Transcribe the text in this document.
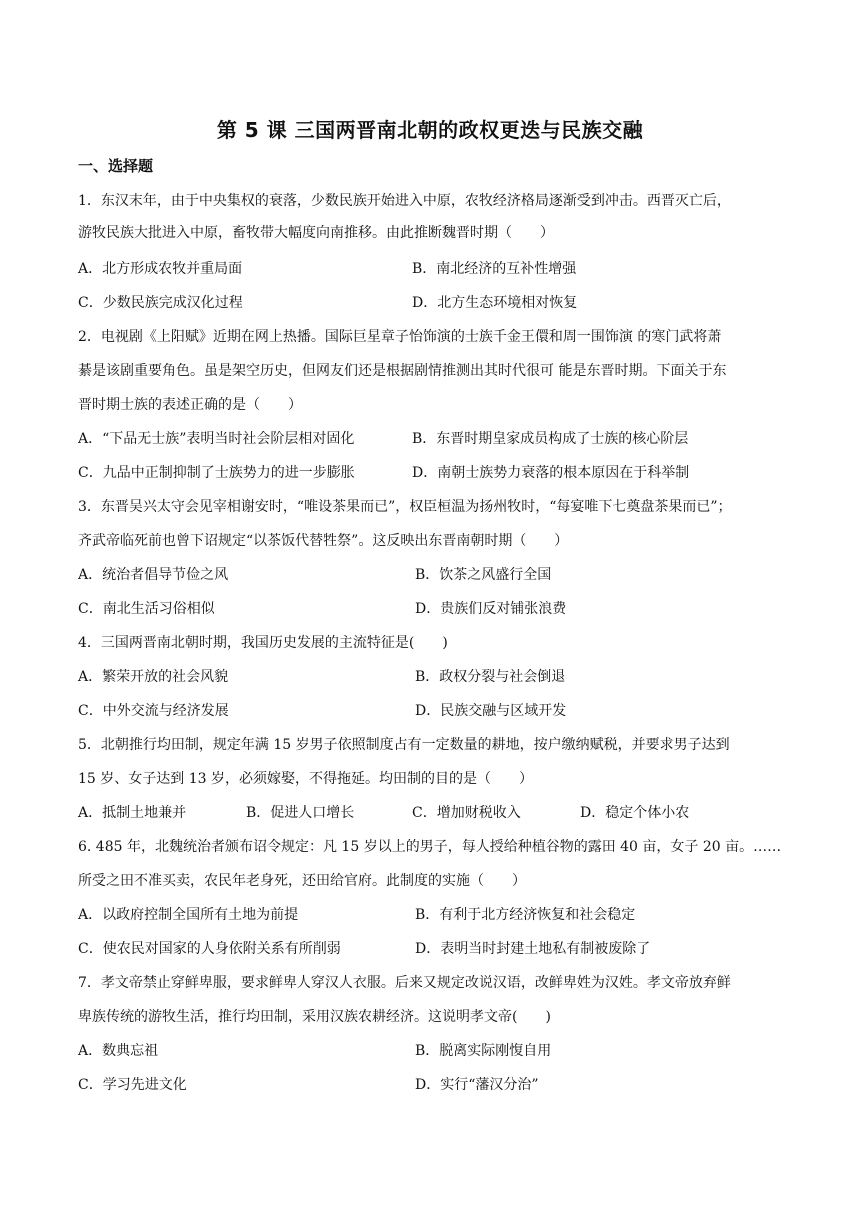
第 5 课 三国两晋南北朝的政权更迭与民族交融
一、选择题
1．东汉末年，由于中央集权的衰落，少数民族开始进入中原，农牧经济格局逐渐受到冲击。西晋灭亡后，
游牧民族大批进入中原，畜牧带大幅度向南推移。由此推断魏晋时期（　　）
A．北方形成农牧并重局面	B．南北经济的互补性增强
C．少数民族完成汉化过程	D．北方生态环境相对恢复
2．电视剧《上阳赋》近期在网上热播。国际巨星章子怡饰演的士族千金王儇和周一围饰演 的寒门武将萧
綦是该剧重要角色。虽是架空历史，但网友们还是根据剧情推测出其时代很可 能是东晋时期。下面关于东
晋时期士族的表述正确的是（　　）
A．“下品无士族”表明当时社会阶层相对固化	B．东晋时期皇家成员构成了士族的核心阶层
C．九品中正制抑制了士族势力的进一步膨胀	D．南朝士族势力衰落的根本原因在于科举制
3．东晋吴兴太守会见宰相谢安时，“唯设茶果而已”，权臣桓温为扬州牧时，“每宴唯下七奠盘茶果而已”；
齐武帝临死前也曾下诏规定“以茶饭代替牲祭”。这反映出东晋南朝时期（　　）
A．统治者倡导节俭之风	B．饮茶之风盛行全国
C．南北生活习俗相似	D．贵族们反对铺张浪费
4．三国两晋南北朝时期，我国历史发展的主流特征是(　　)
A．繁荣开放的社会风貌	B．政权分裂与社会倒退
C．中外交流与经济发展	D．民族交融与区域开发
5．北朝推行均田制，规定年满 15 岁男子依照制度占有一定数量的耕地，按户缴纳赋税，并要求男子达到
15 岁、女子达到 13 岁，必须嫁娶，不得拖延。均田制的目的是（　　）
A．抵制土地兼并	B．促进人口增长	C．增加财税收入	D．稳定个体小农
6. 485 年，北魏统治者颁布诏令规定：凡 15 岁以上的男子，每人授给种植谷物的露田 40 亩，女子 20 亩。……
所受之田不准买卖，农民年老身死，还田给官府。此制度的实施（　　）
A．以政府控制全国所有土地为前提	B．有利于北方经济恢复和社会稳定
C．使农民对国家的人身依附关系有所削弱	D．表明当时封建土地私有制被废除了
7．孝文帝禁止穿鲜卑服，要求鲜卑人穿汉人衣服。后来又规定改说汉语，改鲜卑姓为汉姓。孝文帝放弃鲜
卑族传统的游牧生活，推行均田制，采用汉族农耕经济。这说明孝文帝(　　)
A．数典忘祖	B．脱离实际刚愎自用
C．学习先进文化	D．实行“藩汉分治”
